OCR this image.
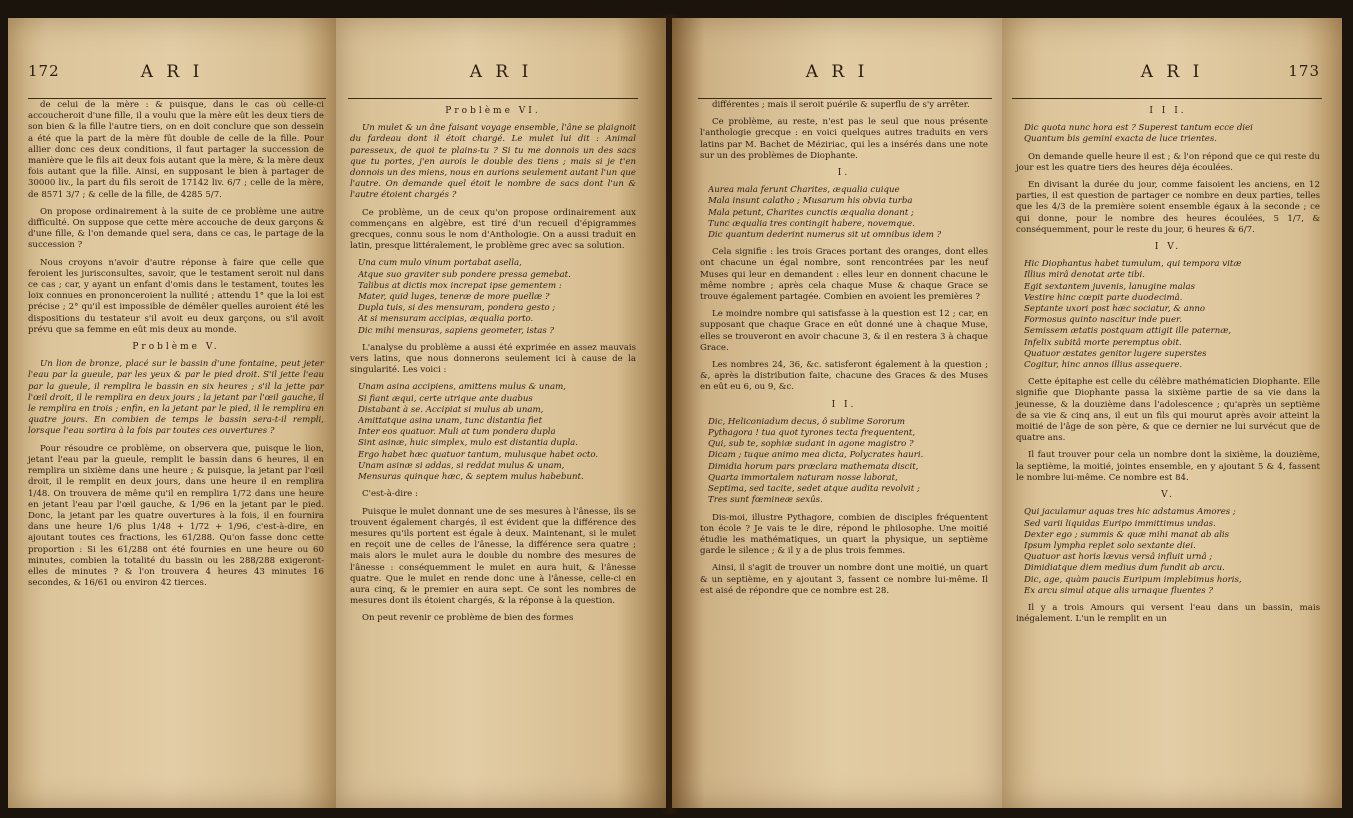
172	A R I

de celui de la mère : & puisque, dans le cas où celle-ci accoucheroit d'une fille, il a voulu que la mère eût les deux tiers de son bien & la fille l'autre tiers, on en doit conclure que son dessein a été que la part de la mère fût double de celle de la fille. Pour allier donc ces deux conditions, il faut partager la succession de manière que le fils ait deux fois autant que la mère, & la mère deux fois autant que la fille. Ainsi, en supposant le bien à partager de 30000 liv., la part du fils seroit de 17142 liv. 6/7 ; celle de la mère, de 8571 3/7 ; & celle de la fille, de 4285 5/7.

On propose ordinairement à la suite de ce problème une autre difficulté. On suppose que cette mère accouche de deux garçons & d'une fille, & l'on demande quel sera, dans ce cas, le partage de la succession ?

Nous croyons n'avoir d'autre réponse à faire que celle que feroient les jurisconsultes, savoir, que le testament seroit nul dans ce cas ; car, y ayant un enfant d'omis dans le testament, toutes les loix connues en prononceroient la nullité ; attendu 1° que la loi est précise ; 2° qu'il est impossible de démêler quelles auroient été les dispositions du testateur s'il avoit eu deux garçons, ou s'il avoit prévu que sa femme en eût mis deux au monde.

Problème V.

Un lion de bronze, placé sur le bassin d'une fontaine, peut jeter l'eau par la gueule, par les yeux & par le pied droit. S'il jette l'eau par la gueule, il remplira le bassin en six heures ; s'il la jette par l'œil droit, il le remplira en deux jours ; la jetant par l'œil gauche, il le remplira en trois ; enfin, en la jetant par le pied, il le remplira en quatre jours. En combien de temps le bassin sera-t-il rempli, lorsque l'eau sortira à la fois par toutes ces ouvertures ?

Pour résoudre ce problème, on observera que, puisque le lion, jetant l'eau par la gueule, remplit le bassin dans 6 heures, il en remplira un sixième dans une heure ; & puisque, la jetant par l'œil droit, il le remplit en deux jours, dans une heure il en remplira 1/48. On trouvera de même qu'il en remplira 1/72 dans une heure en jetant l'eau par l'œil gauche, & 1/96 en la jetant par le pied. Donc, la jetant par les quatre ouvertures à la fois, il en fournira dans une heure 1/6 plus 1/48 + 1/72 + 1/96, c'est-à-dire, en ajoutant toutes ces fractions, les 61/288. Qu'on fasse donc cette proportion : Si les 61/288 ont été fournies en une heure ou 60 minutes, combien la totalité du bassin ou les 288/288 exigeront-elles de minutes ? & l'on trouvera 4 heures 43 minutes 16 secondes, & 16/61 ou environ 42 tierces.

A R I
Problème VI.

Un mulet & un âne faisant voyage ensemble, l'âne se plaignoit du fardeau dont il étoit chargé. Le mulet lui dit : Animal paresseux, de quoi te plains-tu ? Si tu me donnois un des sacs que tu portes, j'en aurois le double des tiens ; mais si je t'en donnois un des miens, nous en aurions seulement autant l'un que l'autre. On demande quel étoit le nombre de sacs dont l'un & l'autre étoient chargés ?

Ce problème, un de ceux qu'on propose ordinairement aux commençans en algèbre, est tiré d'un recueil d'épigrammes grecques, connu sous le nom d'Anthologie. On a aussi traduit en latin, presque littéralement, le problème grec avec sa solution.

Una cum mulo vinum portabat asella,
Atque suo graviter sub pondere pressa gemebat.
Talibus at dictis mox increpat ipse gementem :
Mater, quid luges, teneræ de more puellæ ?
Dupla tuis, si des mensuram, pondera gesto ;
At si mensuram accipias, æqualia porto.
Dic mihi mensuras, sapiens geometer, istas ?

L'analyse du problème a aussi été exprimée en assez mauvais vers latins, que nous donnerons seulement ici à cause de la singularité. Les voici :

Unam asina accipiens, amittens mulus & unam,
Si fiant æqui, certe utrique ante duabus
Distabant à se. Accipiat si mulus ab unam,
Amittatque asina unam, tunc distantia fiet
Inter eos quatuor. Muli at tum pondera dupla
Sint asinæ, huic simplex, mulo est distantia dupla.
Ergo habet hæc quatuor tantum, mulusque habet octo.
Unam asinæ si addas, si reddat mulus & unam,
Mensuras quinque hæc, & septem mulus habebunt.

C'est-à-dire :

Puisque le mulet donnant une de ses mesures à l'ânesse, ils se trouvent également chargés, il est évident que la différence des mesures qu'ils portent est égale à deux. Maintenant, si le mulet en reçoit une de celles de l'ânesse, la différence sera quatre ; mais alors le mulet aura le double du nombre des mesures de l'ânesse : conséquemment le mulet en aura huit, & l'ânesse quatre. Que le mulet en rende donc une à l'ânesse, celle-ci en aura cinq, & le premier en aura sept. Ce sont les nombres de mesures dont ils étoient chargés, & la réponse à la question.

On peut revenir ce problème de bien des formes

A R I

différentes ; mais il seroit puérile & superflu de s'y arrêter.

Ce problème, au reste, n'est pas le seul que nous présente l'anthologie grecque : en voici quelques autres traduits en vers latins par M. Bachet de Méziriac, qui les a insérés dans une note sur un des problèmes de Diophante.

I.
Aurea mala ferunt Charites, æqualia cuique
Mala insunt calatho ; Musarum his obvia turba
Mala petunt, Charites cunctis æqualia donant ;
Tunc æqualia tres contingit habere, novemque.
Dic quantum dederint numerus sit ut omnibus idem ?

Cela signifie : les trois Graces portant des oranges, dont elles ont chacune un égal nombre, sont rencontrées par les neuf Muses qui leur en demandent : elles leur en donnent chacune le même nombre ; après cela chaque Muse & chaque Grace se trouve également partagée. Combien en avoient les premières ?

Le moindre nombre qui satisfasse à la question est 12 ; car, en supposant que chaque Grace en eût donné une à chaque Muse, elles se trouveront en avoir chacune 3, & il en restera 3 à chaque Grace.

Les nombres 24, 36, &c. satisferont également à la question ; &, après la distribution faite, chacune des Graces & des Muses en eût eu 6, ou 9, &c.

I I.
Dic, Heliconiadum decus, ô sublime Sororum
Pythagora ! tua quot tyrones tecta frequentent,
Qui, sub te, sophiæ sudant in agone magistro ?
Dicam ; tuque animo mea dicta, Polycrates hauri.
Dimidia horum pars præclara mathemata discit,
Quarta immortalem naturam nosse laborat,
Septima, sed tacite, sedet atque audita revolvit ;
Tres sunt fœmineæ sexûs.

Dis-moi, illustre Pythagore, combien de disciples fréquentent ton école ? Je vais te le dire, répond le philosophe. Une moitié étudie les mathématiques, un quart la physique, un septième garde le silence ; & il y a de plus trois femmes.

Ainsi, il s'agit de trouver un nombre dont une moitié, un quart & un septième, en y ajoutant 3, fassent ce nombre lui-même. Il est aisé de répondre que ce nombre est 28.

A R I	173
I I I.
Dic quota nunc hora est ? Superest tantum ecce diei
Quantum bis gemini exacta de luce trientes.

On demande quelle heure il est ; & l'on répond que ce qui reste du jour est les quatre tiers des heures déja écoulées.

En divisant la durée du jour, comme faisoient les anciens, en 12 parties, il est question de partager ce nombre en deux parties, telles que les 4/3 de la première soient ensemble égaux à la seconde ; ce qui donne, pour le nombre des heures écoulées, 5 1/7, & conséquemment, pour le reste du jour, 6 heures & 6/7.

I V.
Hic Diophantus habet tumulum, qui tempora vitæ
Illius mirâ denotat arte tibi.
Egit sextantem juvenis, lanugine malas
Vestire hinc cœpit parte duodecimâ.
Septante uxori post hæc sociatur, & anno
Formosus quinto nascitur inde puer.
Semissem ætatis postquam attigit ille paternæ,
Infelix subitâ morte peremptus obit.
Quatuor æstates genitor lugere superstes
Cogitur, hinc annos illius assequere.

Cette épitaphe est celle du célèbre mathématicien Diophante. Elle signifie que Diophante passa la sixième partie de sa vie dans la jeunesse, & la douzième dans l'adolescence ; qu'après un septième de sa vie & cinq ans, il eut un fils qui mourut après avoir atteint la moitié de l'âge de son père, & que ce dernier ne lui survécut que de quatre ans.

Il faut trouver pour cela un nombre dont la sixième, la douzième, la septième, la moitié, jointes ensemble, en y ajoutant 5 & 4, fassent le nombre lui-même. Ce nombre est 84.

V.
Qui jaculamur aquas tres hic adstamus Amores ;
Sed varii liquidas Euripo immittimus undas.
Dexter ego ; summis & quæ mihi manat ab alis
Ipsum lympha replet solo sextante diei.
Quatuor ast horis lævus versâ influit urnâ ;
Dimidiatque diem medius dum fundit ab arcu.
Dic, age, quàm paucis Euripum implebimus horis,
Ex arcu simul atque alis urnaque fluentes ?

Il y a trois Amours qui versent l'eau dans un bassin, mais inégalement. L'un le remplit en un
